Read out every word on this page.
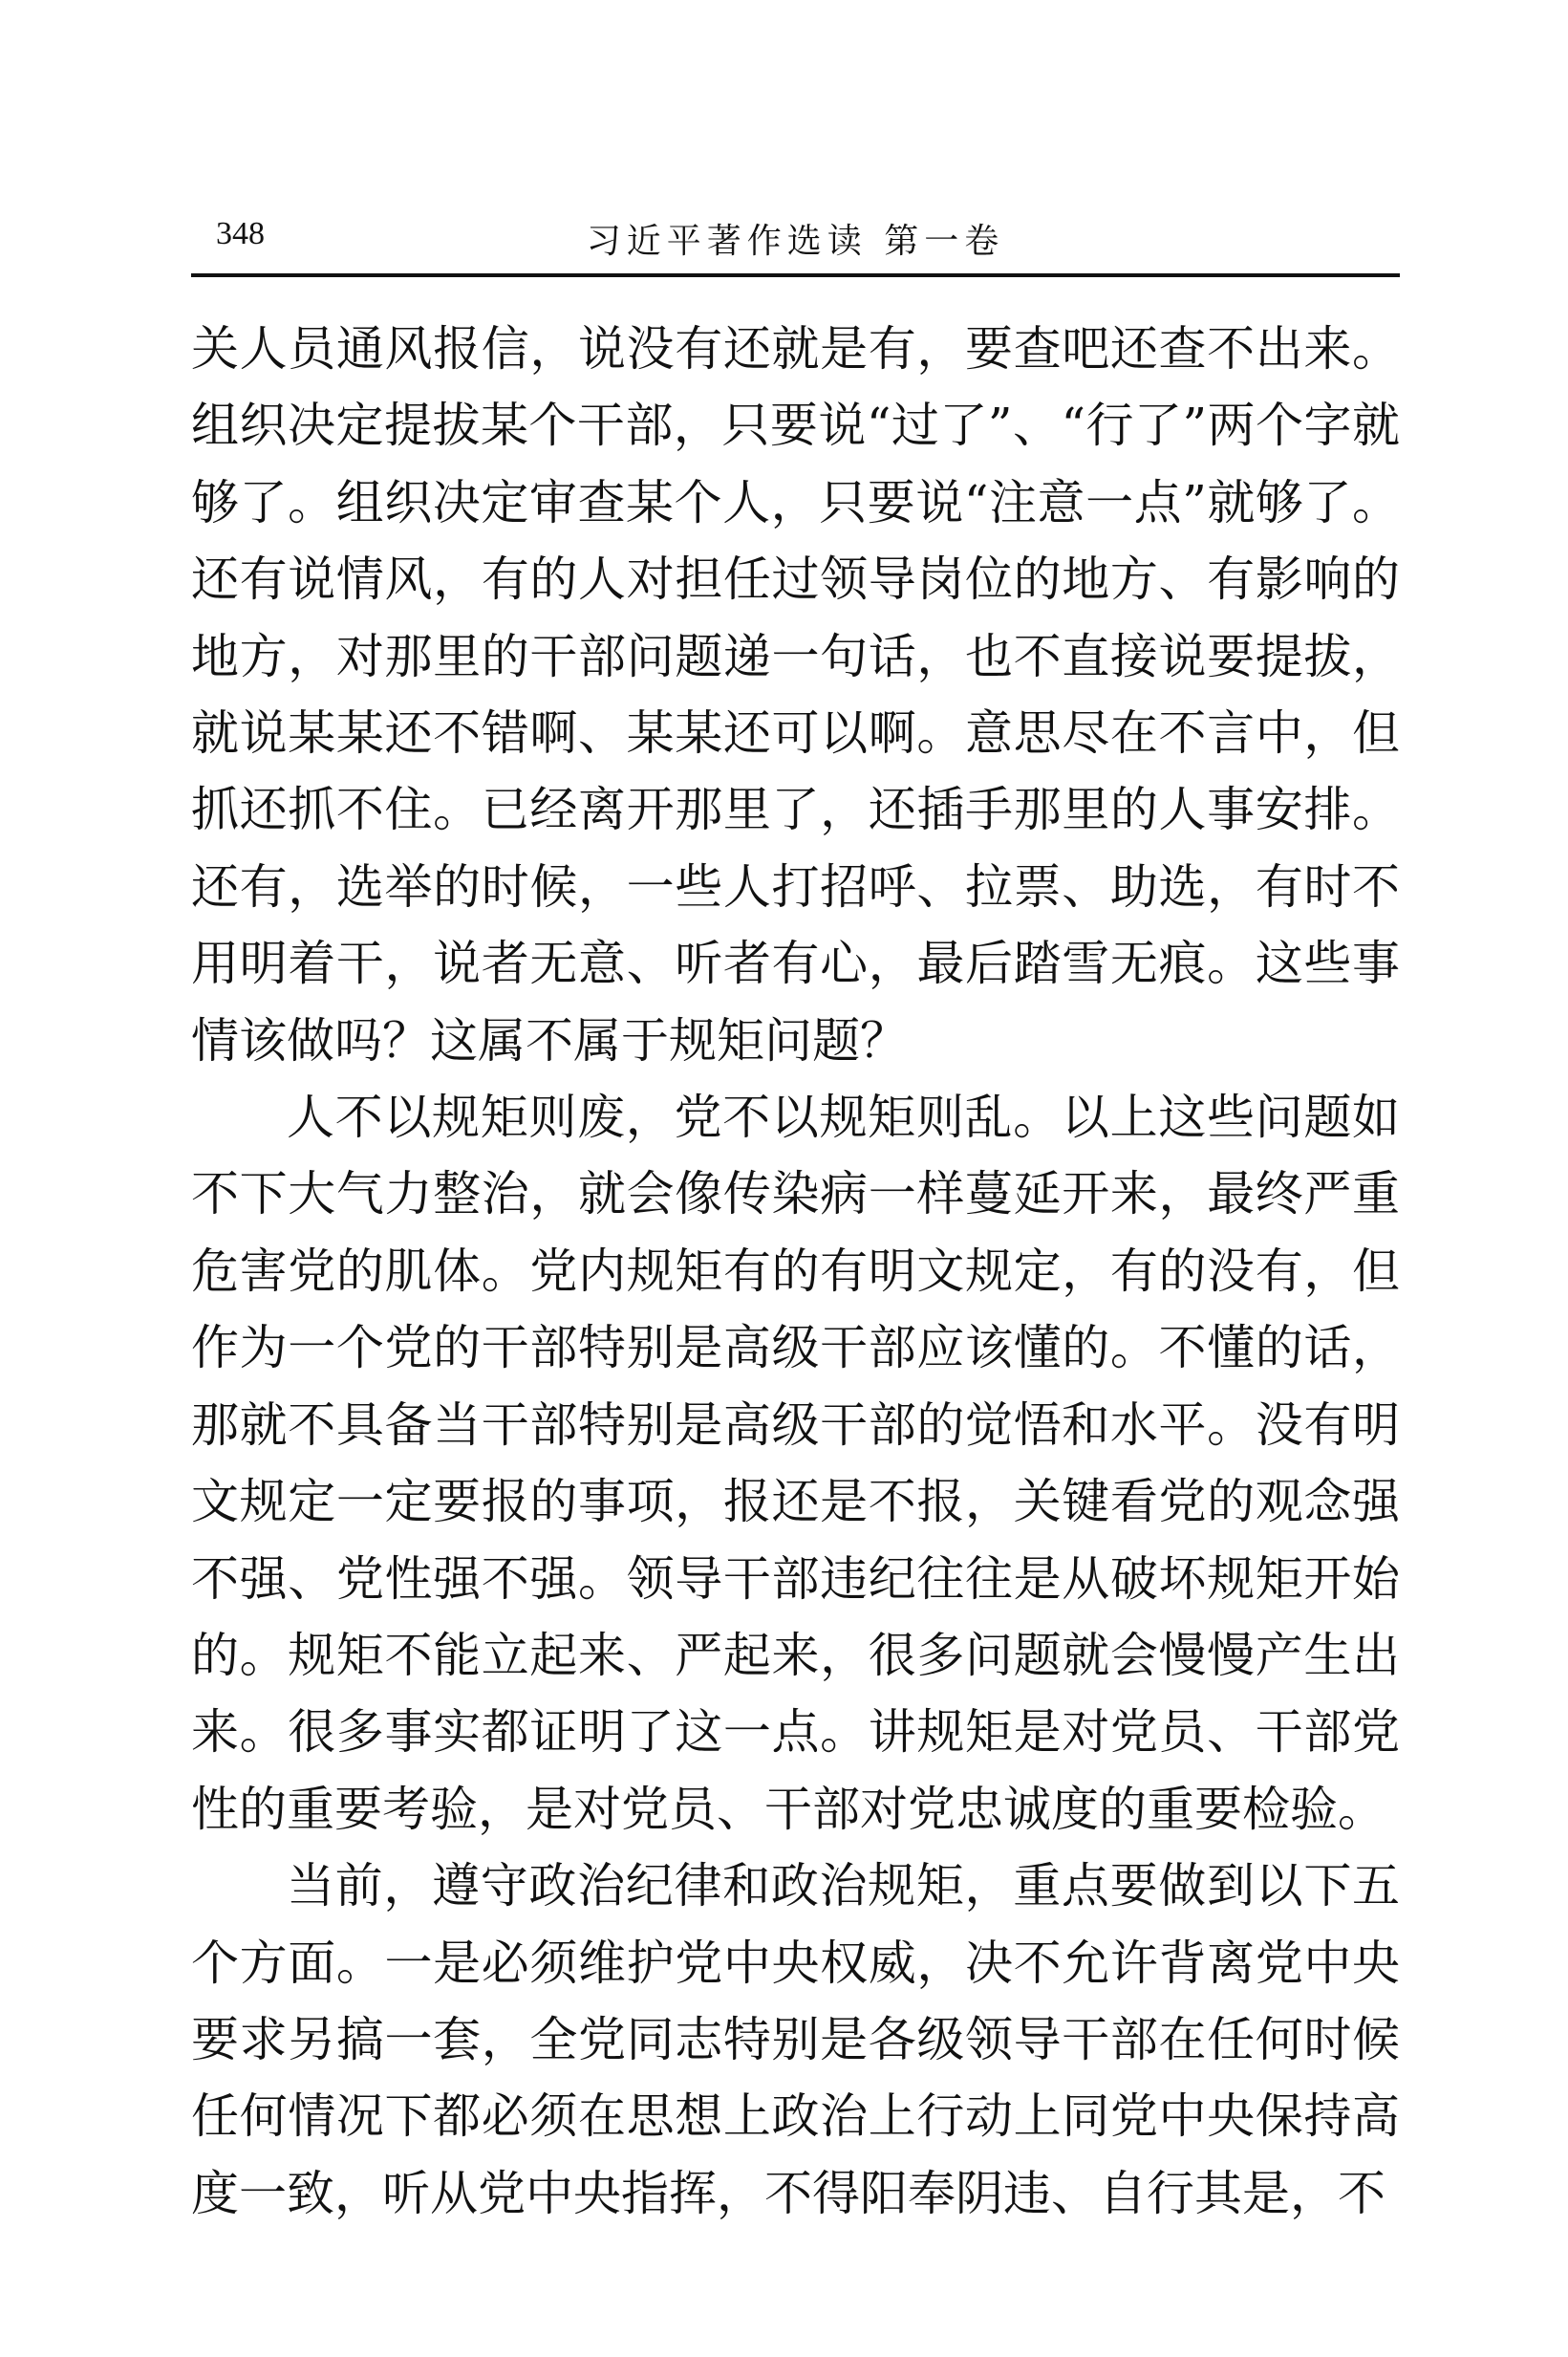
348	习近平著作选读 第一卷

关人员通风报信，说没有还就是有，要查吧还查不出来。组织决定提拔某个干部，只要说“过了”、“行了”两个字就够了。组织决定审查某个人，只要说“注意一点”就够了。还有说情风，有的人对担任过领导岗位的地方、有影响的地方，对那里的干部问题递一句话，也不直接说要提拔，就说某某还不错啊、某某还可以啊。意思尽在不言中，但抓还抓不住。已经离开那里了，还插手那里的人事安排。还有，选举的时候，一些人打招呼、拉票、助选，有时不用明着干，说者无意、听者有心，最后踏雪无痕。这些事情该做吗？这属不属于规矩问题？

人不以规矩则废，党不以规矩则乱。以上这些问题如不下大气力整治，就会像传染病一样蔓延开来，最终严重危害党的肌体。党内规矩有的有明文规定，有的没有，但作为一个党的干部特别是高级干部应该懂的。不懂的话，那就不具备当干部特别是高级干部的觉悟和水平。没有明文规定一定要报的事项，报还是不报，关键看党的观念强不强、党性强不强。领导干部违纪往往是从破坏规矩开始的。规矩不能立起来、严起来，很多问题就会慢慢产生出来。很多事实都证明了这一点。讲规矩是对党员、干部党性的重要考验，是对党员、干部对党忠诚度的重要检验。

当前，遵守政治纪律和政治规矩，重点要做到以下五个方面。一是必须维护党中央权威，决不允许背离党中央要求另搞一套，全党同志特别是各级领导干部在任何时候任何情况下都必须在思想上政治上行动上同党中央保持高度一致，听从党中央指挥，不得阳奉阴违、自行其是，不
